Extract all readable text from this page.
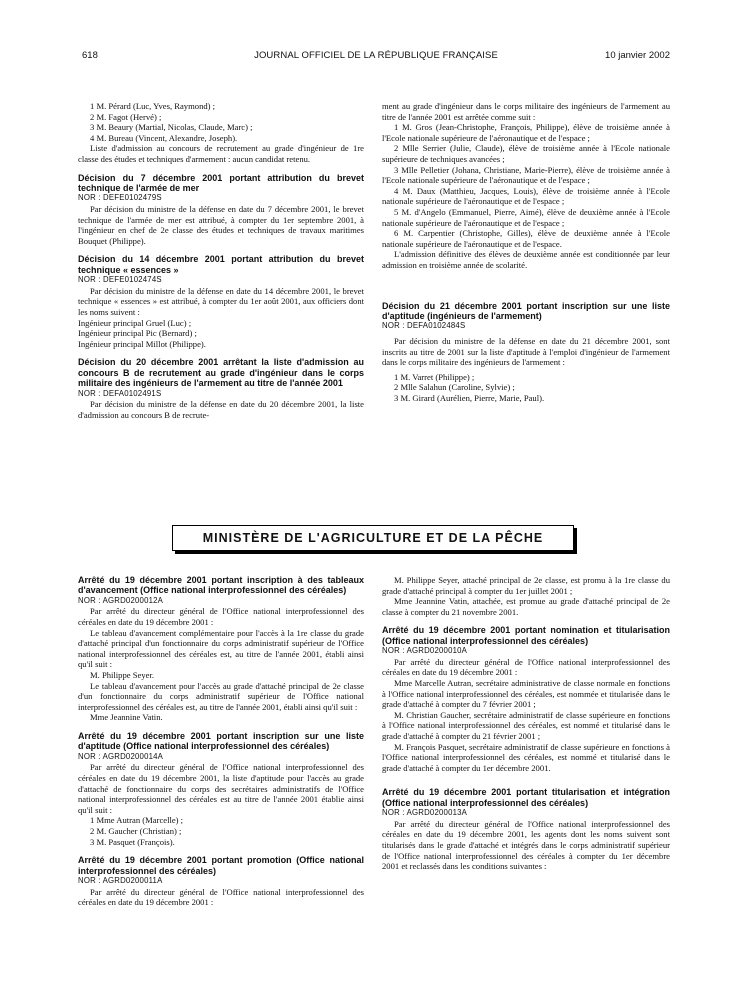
618	JOURNAL OFFICIEL DE LA RÉPUBLIQUE FRANÇAISE	10 janvier 2002

1 M. Pérard (Luc, Yves, Raymond) ;

2 M. Fagot (Hervé) ;

3 M. Beaury (Martial, Nicolas, Claude, Marc) ;

4 M. Bureau (Vincent, Alexandre, Joseph).

Liste d'admission au concours de recrutement au grade d'ingénieur de 1re classe des études et techniques d'armement : aucun candidat retenu.

Décision du 7 décembre 2001 portant attribution du brevet technique de l'armée de mer

NOR : DEFE0102479S

Par décision du ministre de la défense en date du 7 décembre 2001, le brevet technique de l'armée de mer est attribué, à compter du 1er septembre 2001, à l'ingénieur en chef de 2e classe des études et techniques de travaux maritimes Bouquet (Philippe).

Décision du 14 décembre 2001 portant attribution du brevet technique « essences »

NOR : DEFE0102474S

Par décision du ministre de la défense en date du 14 décembre 2001, le brevet technique « essences » est attribué, à compter du 1er août 2001, aux officiers dont les noms suivent :

Ingénieur principal Gruel (Luc) ;

Ingénieur principal Pic (Bernard) ;

Ingénieur principal Millot (Philippe).

Décision du 20 décembre 2001 arrêtant la liste d'admission au concours B de recrutement au grade d'ingénieur dans le corps militaire des ingénieurs de l'armement au titre de l'année 2001

NOR : DEFA0102491S

Par décision du ministre de la défense en date du 20 décembre 2001, la liste d'admission au concours B de recrute-

ment au grade d'ingénieur dans le corps militaire des ingénieurs de l'armement au titre de l'année 2001 est arrêtée comme suit :

1 M. Gros (Jean-Christophe, François, Philippe), élève de troisième année à l'Ecole nationale supérieure de l'aéronautique et de l'espace ;

2 Mlle Serrier (Julie, Claude), élève de troisième année à l'Ecole nationale supérieure de techniques avancées ;

3 Mlle Pelletier (Johana, Christiane, Marie-Pierre), élève de troisième année à l'Ecole nationale supérieure de l'aéronautique et de l'espace ;

4 M. Daux (Matthieu, Jacques, Louis), élève de troisième année à l'Ecole nationale supérieure de l'aéronautique et de l'espace ;

5 M. d'Angelo (Emmanuel, Pierre, Aimé), élève de deuxième année à l'Ecole nationale supérieure de l'aéronautique et de l'espace ;

6 M. Carpentier (Christophe, Gilles), élève de deuxième année à l'Ecole nationale supérieure de l'aéronautique et de l'espace.

L'admission définitive des élèves de deuxième année est conditionnée par leur admission en troisième année de scolarité.

Décision du 21 décembre 2001 portant inscription sur une liste d'aptitude (ingénieurs de l'armement)

NOR : DEFA0102484S

Par décision du ministre de la défense en date du 21 décembre 2001, sont inscrits au titre de 2001 sur la liste d'aptitude à l'emploi d'ingénieur de l'armement dans le corps militaire des ingénieurs de l'armement :

1 M. Varret (Philippe) ;

2 Mlle Salahun (Caroline, Sylvie) ;

3 M. Girard (Aurélien, Pierre, Marie, Paul).

MINISTÈRE DE L'AGRICULTURE ET DE LA PÊCHE

Arrêté du 19 décembre 2001 portant inscription à des tableaux d'avancement (Office national interprofessionnel des céréales)

NOR : AGRD0200012A

Par arrêté du directeur général de l'Office national interprofessionnel des céréales en date du 19 décembre 2001 :

Le tableau d'avancement complémentaire pour l'accès à la 1re classe du grade d'attaché principal d'un fonctionnaire du corps administratif supérieur de l'Office national interprofessionnel des céréales est, au titre de l'année 2001, établi ainsi qu'il suit :

M. Philippe Seyer.

Le tableau d'avancement pour l'accès au grade d'attaché principal de 2e classe d'un fonctionnaire du corps administratif supérieur de l'Office national interprofessionnel des céréales est, au titre de l'année 2001, établi ainsi qu'il suit :

Mme Jeannine Vatin.

Arrêté du 19 décembre 2001 portant inscription sur une liste d'aptitude (Office national interprofessionnel des céréales)

NOR : AGRD0200014A

Par arrêté du directeur général de l'Office national interprofessionnel des céréales en date du 19 décembre 2001, la liste d'aptitude pour l'accès au grade d'attaché de fonctionnaire du corps des secrétaires administratifs de l'Office national interprofessionnel des céréales est au titre de l'année 2001 établie ainsi qu'il suit :

1 Mme Autran (Marcelle) ;

2 M. Gaucher (Christian) ;

3 M. Pasquet (François).

Arrêté du 19 décembre 2001 portant promotion (Office national interprofessionnel des céréales)

NOR : AGRD0200011A

Par arrêté du directeur général de l'Office national interprofessionnel des céréales en date du 19 décembre 2001 :

M. Philippe Seyer, attaché principal de 2e classe, est promu à la 1re classe du grade d'attaché principal à compter du 1er juillet 2001 ;

Mme Jeannine Vatin, attachée, est promue au grade d'attaché principal de 2e classe à compter du 21 novembre 2001.

Arrêté du 19 décembre 2001 portant nomination et titularisation (Office national interprofessionnel des céréales)

NOR : AGRD0200010A

Par arrêté du directeur général de l'Office national interprofessionnel des céréales en date du 19 décembre 2001 :

Mme Marcelle Autran, secrétaire administrative de classe normale en fonctions à l'Office national interprofessionnel des céréales, est nommée et titularisée dans le grade d'attaché à compter du 7 février 2001 ;

M. Christian Gaucher, secrétaire administratif de classe supérieure en fonctions à l'Office national interprofessionnel des céréales, est nommé et titularisé dans le grade d'attaché à compter du 21 février 2001 ;

M. François Pasquet, secrétaire administratif de classe supérieure en fonctions à l'Office national interprofessionnel des céréales, est nommé et titularisé dans le grade d'attaché à compter du 1er décembre 2001.

Arrêté du 19 décembre 2001 portant titularisation et intégration (Office national interprofessionnel des céréales)

NOR : AGRD0200013A

Par arrêté du directeur général de l'Office national interprofessionnel des céréales en date du 19 décembre 2001, les agents dont les noms suivent sont titularisés dans le grade d'attaché et intégrés dans le corps administratif supérieur de l'Office national interprofessionnel des céréales à compter du 1er décembre 2001 et reclassés dans les conditions suivantes :
